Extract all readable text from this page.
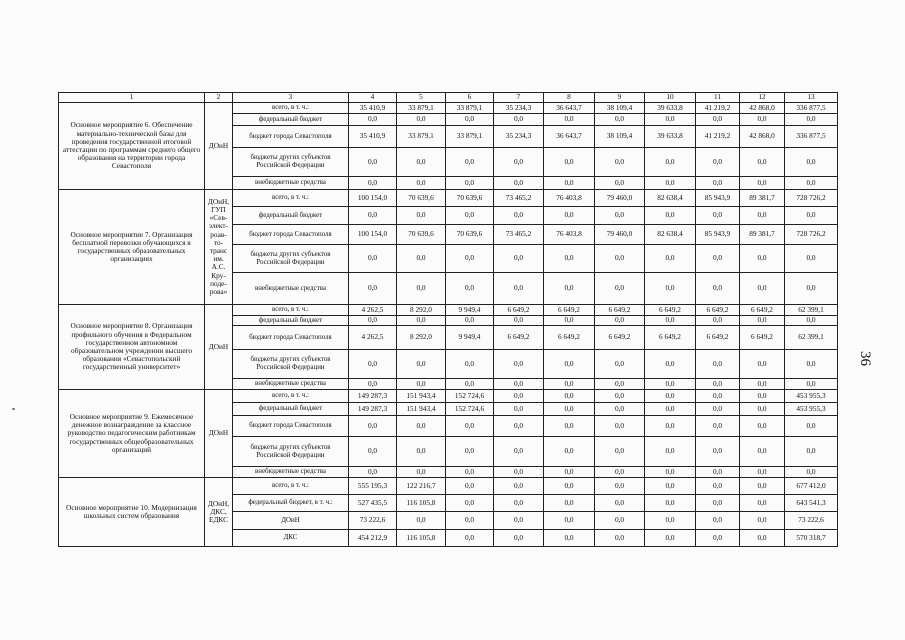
1	2	3	4	5	6	7	8	9	10	11	12	13
Основное мероприятие 6. Обеспечение материально-технической базы для проведения государственной итоговой аттестации по программам среднего общего образования на территории города Севастополя	ДОиН	всего, в т. ч.:	35 410,9	33 879,1	33 879,1	35 234,3	36 643,7	38 109,4	39 633,8	41 219,2	42 868,0	336 877,5
		федеральный бюджет	0,0	0,0	0,0	0,0	0,0	0,0	0,0	0,0	0,0	0,0
		бюджет города Севастополя	35 410,9	33 879,1	33 879,1	35 234,3	36 643,7	38 109,4	39 633,8	41 219,2	42 868,0	336 877,5
		бюджеты других субъектов Российской Федерации	0,0	0,0	0,0	0,0	0,0	0,0	0,0	0,0	0,0	0,0
		внебюджетные средства	0,0	0,0	0,0	0,0	0,0	0,0	0,0	0,0	0,0	0,0
Основное мероприятие 7. Организация бесплатной перевозки обучающихся в государственных образовательных организациях	ДОиН, ГУП «Сев-элект-роав-то-транс им. А.С. Кру-поде-рова»	всего, в т. ч.:	100 154,0	70 639,6	70 639,6	73 465,2	76 403,8	79 460,0	82 638,4	85 943,9	89 381,7	728 726,2
		федеральный бюджет	0,0	0,0	0,0	0,0	0,0	0,0	0,0	0,0	0,0	0,0
		бюджет города Севастополя	100 154,0	70 639,6	70 639,6	73 465,2	76 403,8	79 460,0	82 638,4	85 943,9	89 381,7	728 726,2
		бюджеты других субъектов Российской Федерации	0,0	0,0	0,0	0,0	0,0	0,0	0,0	0,0	0,0	0,0
		внебюджетные средства	0,0	0,0	0,0	0,0	0,0	0,0	0,0	0,0	0,0	0,0
Основное мероприятие 8. Организация профильного обучения в Федеральном государственном автономном образовательном учреждении высшего образования «Севастопольский государственный университет»	ДОиН	всего, в т. ч.:	4 262,5	8 292,0	9 949,4	6 649,2	6 649,2	6 649,2	6 649,2	6 649,2	6 649,2	62 399,1
		федеральный бюджет	0,0	0,0	0,0	0,0	0,0	0,0	0,0	0,0	0,0	0,0
		бюджет города Севастополя	4 262,5	8 292,0	9 949,4	6 649,2	6 649,2	6 649,2	6 649,2	6 649,2	6 649,2	62 399,1
		бюджеты других субъектов Российской Федерации	0,0	0,0	0,0	0,0	0,0	0,0	0,0	0,0	0,0	0,0
		внебюджетные средства	0,0	0,0	0,0	0,0	0,0	0,0	0,0	0,0	0,0	0,0
Основное мероприятие 9. Ежемесячное денежное вознаграждение за классное руководство педагогическим работникам государственных общеобразовательных организаций	ДОиН	всего, в т. ч.:	149 287,3	151 943,4	152 724,6	0,0	0,0	0,0	0,0	0,0	0,0	453 955,3
		федеральный бюджет	149 287,3	151 943,4	152 724,6	0,0	0,0	0,0	0,0	0,0	0,0	453 955,3
		бюджет города Севастополя	0,0	0,0	0,0	0,0	0,0	0,0	0,0	0,0	0,0	0,0
		бюджеты других субъектов Российской Федерации	0,0	0,0	0,0	0,0	0,0	0,0	0,0	0,0	0,0	0,0
		внебюджетные средства	0,0	0,0	0,0	0,0	0,0	0,0	0,0	0,0	0,0	0,0
Основное мероприятие 10. Модернизация школьных систем образования	ДОиН, ДКС, ЕДКС	всего, в т. ч.:	555 195,3	122 216,7	0,0	0,0	0,0	0,0	0,0	0,0	0,0	677 412,0
		федеральный бюджет, в т. ч.:	527 435,5	116 105,8	0,0	0,0	0,0	0,0	0,0	0,0	0,0	643 541,3
		ДОиН	73 222,6	0,0	0,0	0,0	0,0	0,0	0,0	0,0	0,0	73 222,6
		ДКС	454 212,9	116 105,8	0,0	0,0	0,0	0,0	0,0	0,0	0,0	570 318,7
36
